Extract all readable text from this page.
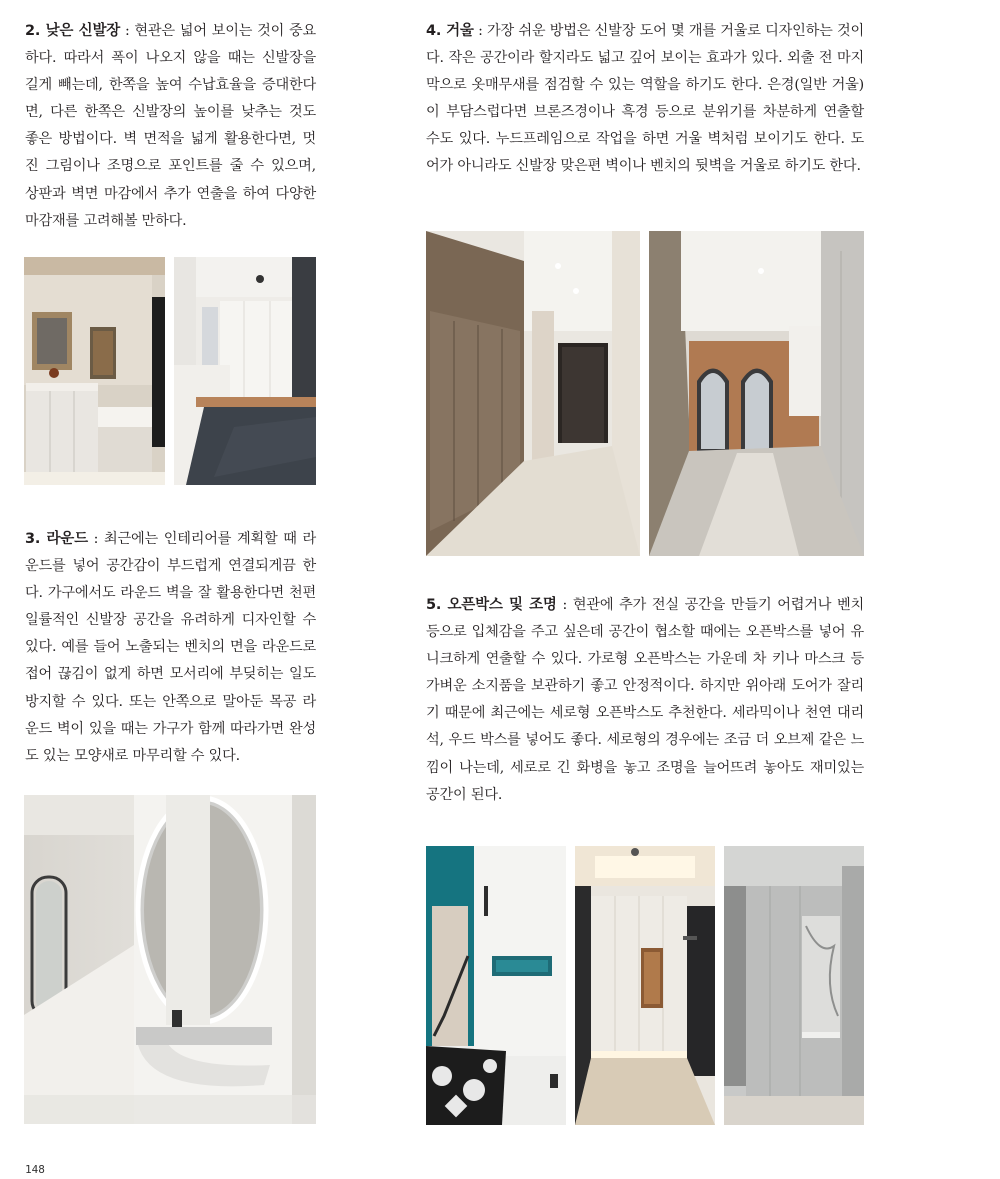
2. 낮은 신발장 : 현관은 넓어 보이는 것이 중요하다. 따라서 폭이 나오지 않을 때는 신발장을 길게 빼는데, 한쪽을 높여 수납효율을 증대한다면, 다른 한쪽은 신발장의 높이를 낮추는 것도 좋은 방법이다. 벽 면적을 넓게 활용한다면, 멋진 그림이나 조명으로 포인트를 줄 수 있으며, 상판과 벽면 마감에서 추가 연출을 하여 다양한 마감재를 고려해볼 만하다.

3. 라운드 : 최근에는 인테리어를 계획할 때 라운드를 넣어 공간감이 부드럽게 연결되게끔 한다. 가구에서도 라운드 벽을 잘 활용한다면 천편일률적인 신발장 공간을 유려하게 디자인할 수 있다. 예를 들어 노출되는 벤치의 면을 라운드로 접어 끊김이 없게 하면 모서리에 부딪히는 일도 방지할 수 있다. 또는 안쪽으로 말아둔 목공 라운드 벽이 있을 때는 가구가 함께 따라가면 완성도 있는 모양새로 마무리할 수 있다.

4. 거울 : 가장 쉬운 방법은 신발장 도어 몇 개를 거울로 디자인하는 것이다. 작은 공간이라 할지라도 넓고 깊어 보이는 효과가 있다. 외출 전 마지막으로 옷매무새를 점검할 수 있는 역할을 하기도 한다. 은경(일반 거울)이 부담스럽다면 브론즈경이나 흑경 등으로 분위기를 차분하게 연출할 수도 있다. 누드프레임으로 작업을 하면 거울 벽처럼 보이기도 한다. 도어가 아니라도 신발장 맞은편 벽이나 벤치의 뒷벽을 거울로 하기도 한다.

5. 오픈박스 및 조명 : 현관에 추가 전실 공간을 만들기 어렵거나 벤치 등으로 입체감을 주고 싶은데 공간이 협소할 때에는 오픈박스를 넣어 유니크하게 연출할 수 있다. 가로형 오픈박스는 가운데 차 키나 마스크 등 가벼운 소지품을 보관하기 좋고 안정적이다. 하지만 위아래 도어가 잘리기 때문에 최근에는 세로형 오픈박스도 추천한다. 세라믹이나 천연 대리석, 우드 박스를 넣어도 좋다. 세로형의 경우에는 조금 더 오브제 같은 느낌이 나는데, 세로로 긴 화병을 놓고 조명을 늘어뜨려 놓아도 재미있는 공간이 된다.

148
